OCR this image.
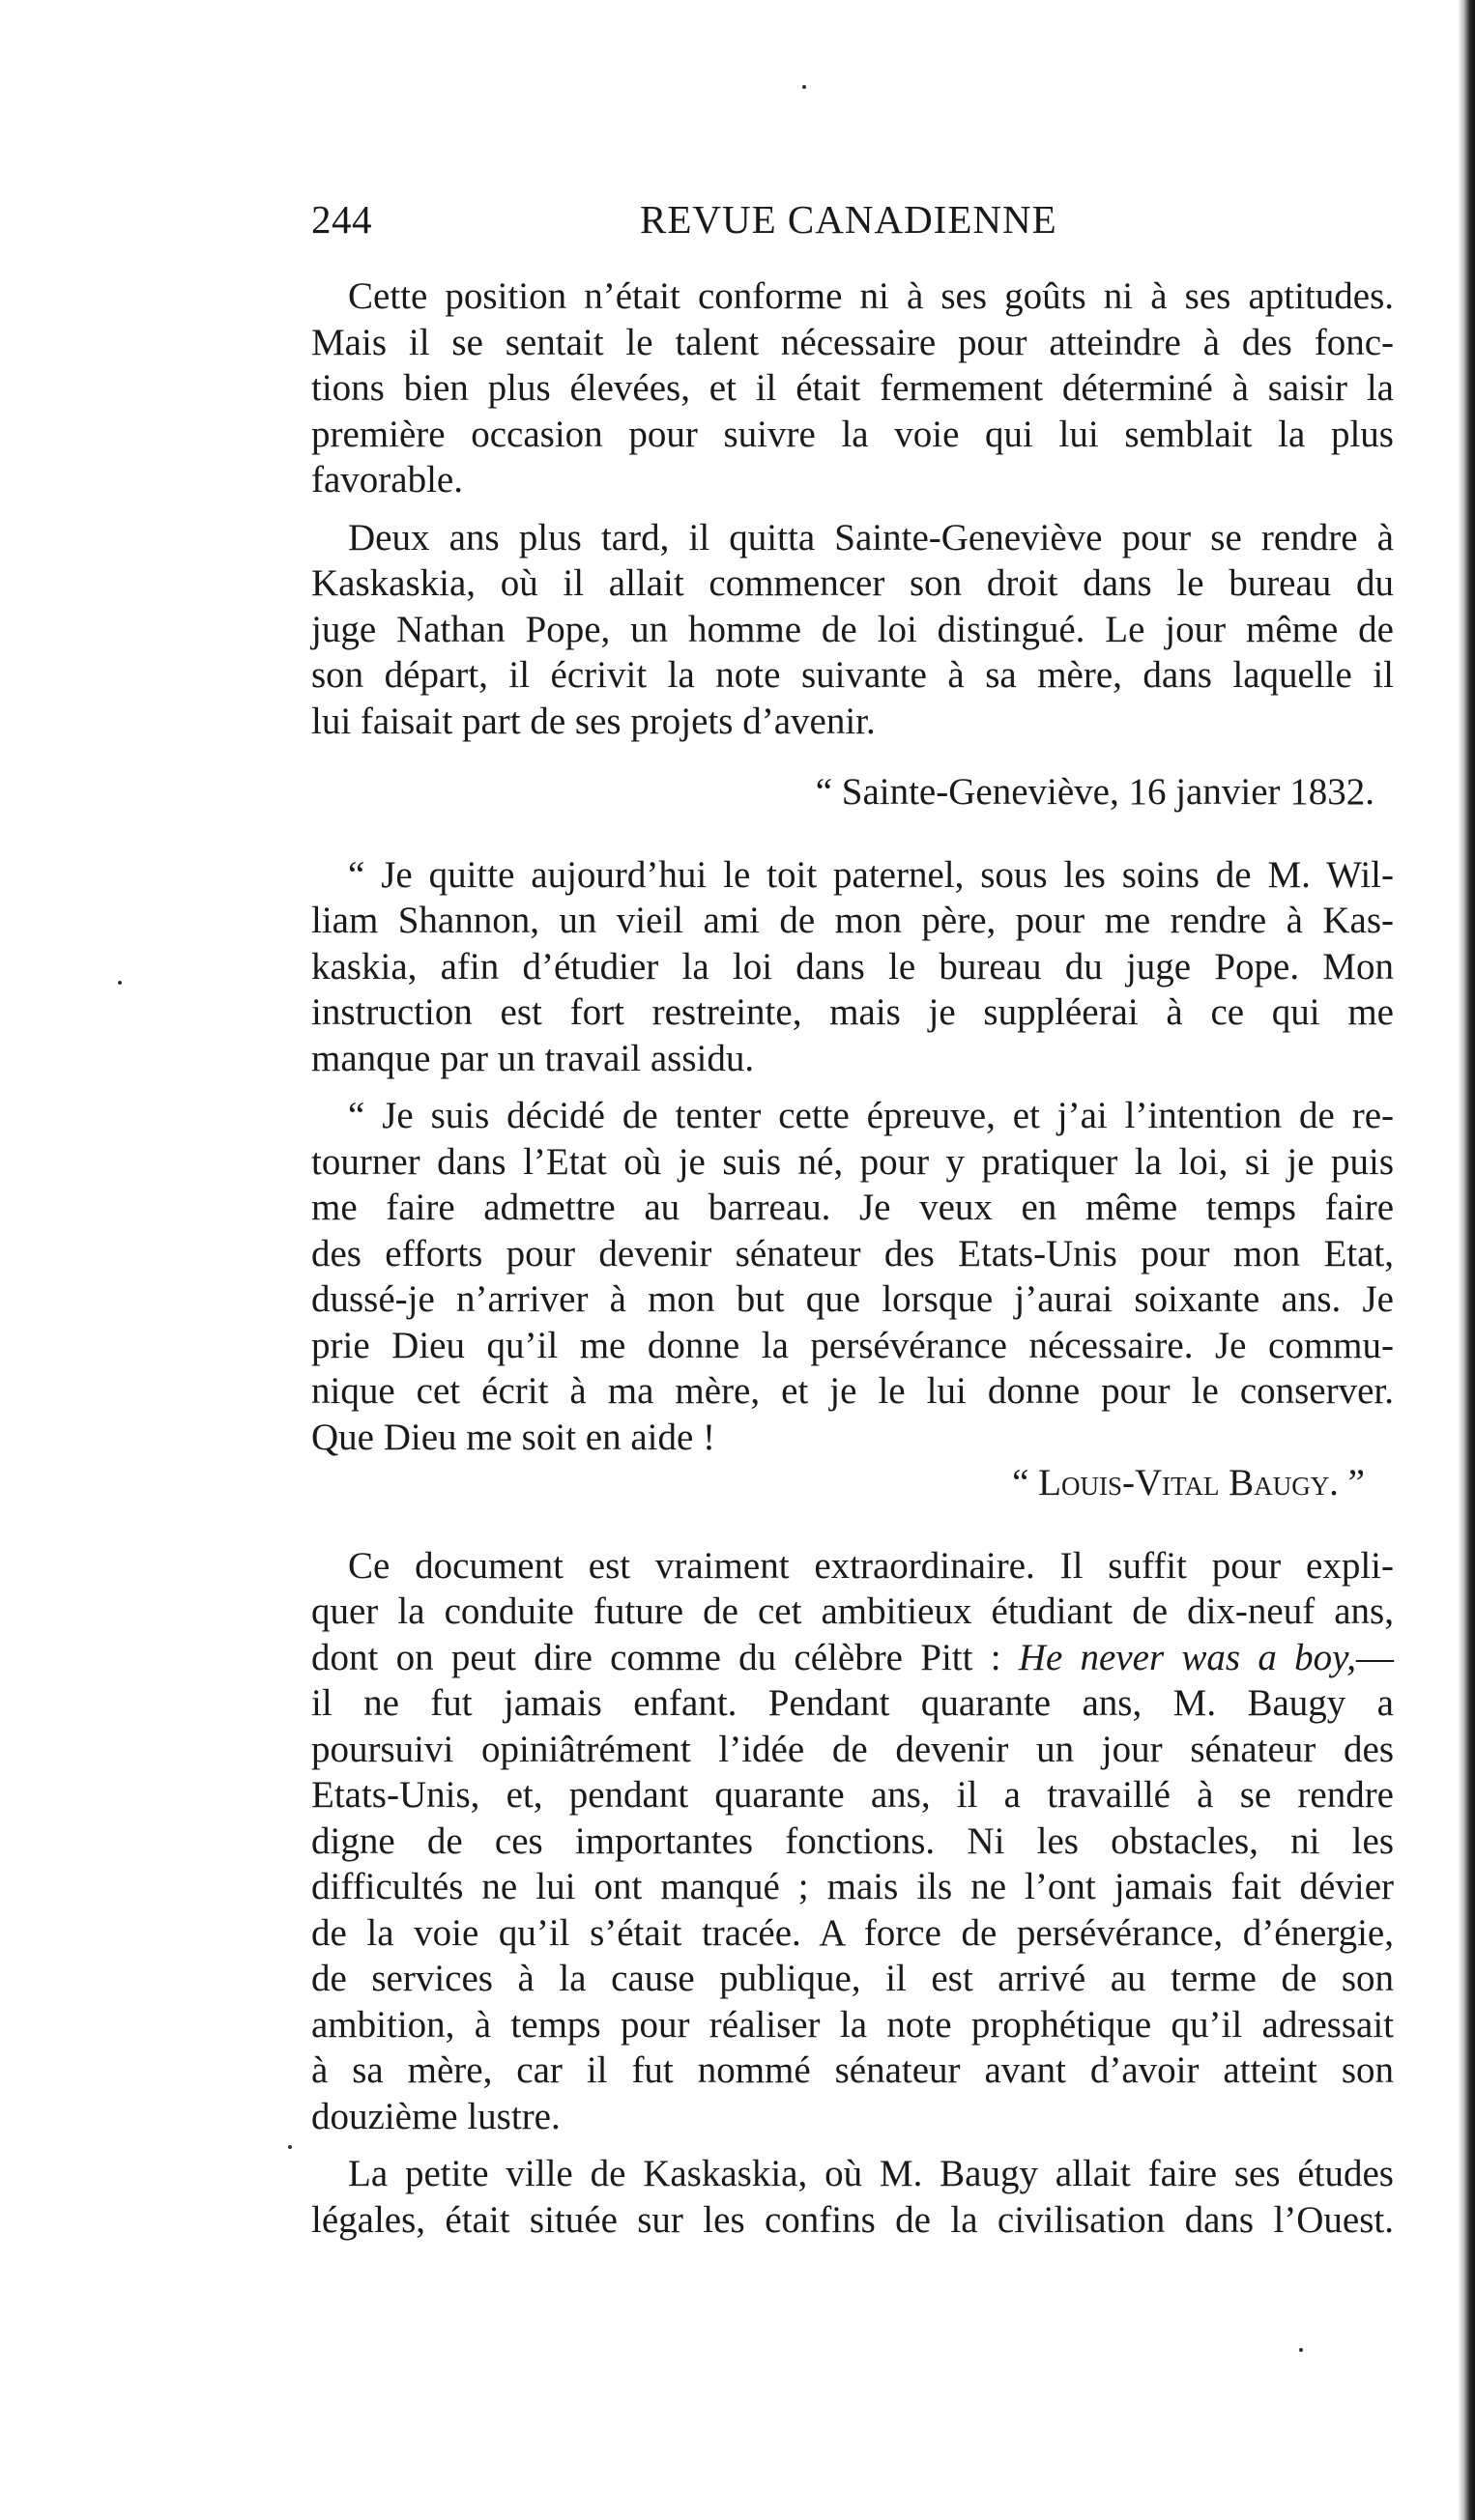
244	REVUE CANADIENNE
Cette position n’était conforme ni à ses goûts ni à ses aptitudes.
Mais il se sentait le talent nécessaire pour atteindre à des fonc-
tions bien plus élevées, et il était fermement déterminé à saisir la
première occasion pour suivre la voie qui lui semblait la plus
favorable.
Deux ans plus tard, il quitta Sainte-Geneviève pour se rendre à
Kaskaskia, où il allait commencer son droit dans le bureau du
juge Nathan Pope, un homme de loi distingué. Le jour même de
son départ, il écrivit la note suivante à sa mère, dans laquelle il
lui faisait part de ses projets d’avenir.
“ Sainte-Geneviève, 16 janvier 1832.
“ Je quitte aujourd’hui le toit paternel, sous les soins de M. Wil-
liam Shannon, un vieil ami de mon père, pour me rendre à Kas-
kaskia, afin d’étudier la loi dans le bureau du juge Pope. Mon
instruction est fort restreinte, mais je suppléerai à ce qui me
manque par un travail assidu.
“ Je suis décidé de tenter cette épreuve, et j’ai l’intention de re-
tourner dans l’Etat où je suis né, pour y pratiquer la loi, si je puis
me faire admettre au barreau. Je veux en même temps faire
des efforts pour devenir sénateur des Etats-Unis pour mon Etat,
dussé-je n’arriver à mon but que lorsque j’aurai soixante ans. Je
prie Dieu qu’il me donne la persévérance nécessaire. Je commu-
nique cet écrit à ma mère, et je le lui donne pour le conserver.
Que Dieu me soit en aide !
“ Louis-Vital Baugy. ”
Ce document est vraiment extraordinaire. Il suffit pour expli-
quer la conduite future de cet ambitieux étudiant de dix-neuf ans,
dont on peut dire comme du célèbre Pitt : He never was a boy,—
il ne fut jamais enfant. Pendant quarante ans, M. Baugy a
poursuivi opiniâtrément l’idée de devenir un jour sénateur des
Etats-Unis, et, pendant quarante ans, il a travaillé à se rendre
digne de ces importantes fonctions. Ni les obstacles, ni les
difficultés ne lui ont manqué ; mais ils ne l’ont jamais fait dévier
de la voie qu’il s’était tracée. A force de persévérance, d’énergie,
de services à la cause publique, il est arrivé au terme de son
ambition, à temps pour réaliser la note prophétique qu’il adressait
à sa mère, car il fut nommé sénateur avant d’avoir atteint son
douzième lustre.
La petite ville de Kaskaskia, où M. Baugy allait faire ses études
légales, était située sur les confins de la civilisation dans l’Ouest.
